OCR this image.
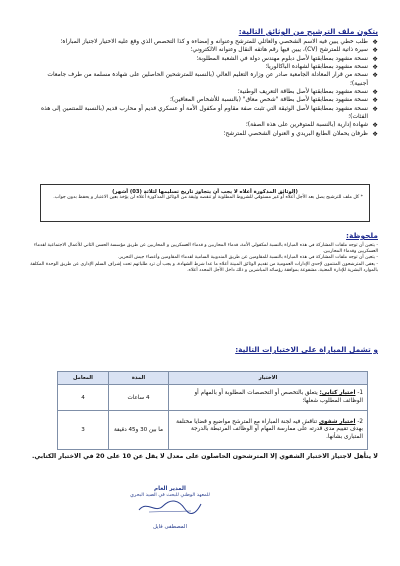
يتكون ملف الترشيح من الوثائق التالية:
❖
طلب خطي يبين فيه الاسم الشخصي والعائلي للمترشح وعنوانه و إمضاءه و كذا التخصص الذي وقع عليه الاختيار لاجتياز المباراة؛
❖
سيرة ذاتية للمترشح (CV)، يبين فيها رقم هاتفه النقال وعنوانه الالكتروني؛
❖
نسخة مشهود بمطابقتها لأصل دبلوم مهندس دولة في الشعبة المطلوبة؛
❖
نسخة مشهود بمطابقتها لشهادة الباكالوريا؛
❖
نسخة من قرار المعادلة الجامعية صادر عن وزارة التعليم العالي (بالنسبة للمترشحين الحاصلين على شهادة مسلمة من طرف جامعات أجنبية)؛
❖
نسخة مشهود بمطابقتها لأصل بطاقة التعريف الوطنية؛
❖
نسخة مشهود بمطابقتها لأصل بطاقة "شخص معاق" (بالنسبة للأشخاص المعاقين)؛
❖
نسخة مشهود بمطابقتها لأصل الوثيقة التي تثبت صفة مقاوم أو مكفول الأمة أو عسكري قديم أو محارب قديم (بالنسبة للمنتمين إلى هذه الفئات)؛
❖
شهادة إدارية (بالنسبة للمتوفرين على هذه الصفة)؛
❖
ظرفان يحملان الطابع البريدي و العنوان الشخصي للمترشح؛
(الوثائق المذكورة أعلاه لا يجب أن يتجاوز تاريخ تسليمها لثلاثة (03) أشهر)
* كل ملف للترشيح يصل بعد الأجل أعلاه أو غير مستوفي للشروط المطلوبة أو تنقصه وثيقة من الوثائق المذكورة أعلاه لن يؤخذ بعين الاعتبار و يحفظ بدون جواب.
ملحوظة:
- يتعين أن توجه ملفات المشاركة في هذه المباراة بالنسبة لمكفولي الأمة، قدماء المحاربين و قدماء العسكريين و المحاربين عن طريق مؤسسة الحسن الثاني للأعمال الاجتماعية لقدماء العسكريين وقدماء المحاربين.
- يتعين أن توجه ملفات المشاركة في هذه المباراة بالنسبة للمقاومين عن طريق المندوبية السامية لقدماء المقاومين وأعضاء جيش التحرير.
- يعفى المترشحون المنتمون لإحدى الإدارات العمومية من تقديم الوثائق المبينة أعلاه ما عدا شرط الشهادة، و يجب أن ترد طلباتهم تحت إشراف السلم الإداري عن طريق الوحدة المكلفة بالموارد البشرية للإدارة المعنية، مشفوعة بموافقة رؤسائه المباشرين و ذلك داخل الأجل المحدد أعلاه.
و تشمل المباراة على الاختبارات التالية:
الاختبار	المدة	المعامل
1- اختبار كتابي: يتعلق بالتخصص أو التخصصات المطلوبة أو بالمهام أو الوظائف المطلوب شغلها؛	4 ساعات	4
2- اختبار شفوي تناقش فيه لجنة المباراة مع المترشح مواضيع و قضايا مختلفة بهدف تقييم مدى قدرته على ممارسة المهام أو الوظائف المرتبطة بالدرجة المتبارى بشأنها.	ما بين 30 و45 دقيقة	3
لا يتأهل لاجتياز الاختبار الشفوي إلا المترشحون الحاصلون على معدل لا يقل عن 10 على 20 في الاختبار الكتابي.
المدير العام
للمعهد الوطني للبحث في الصيد البحري
المصطفى فايل
